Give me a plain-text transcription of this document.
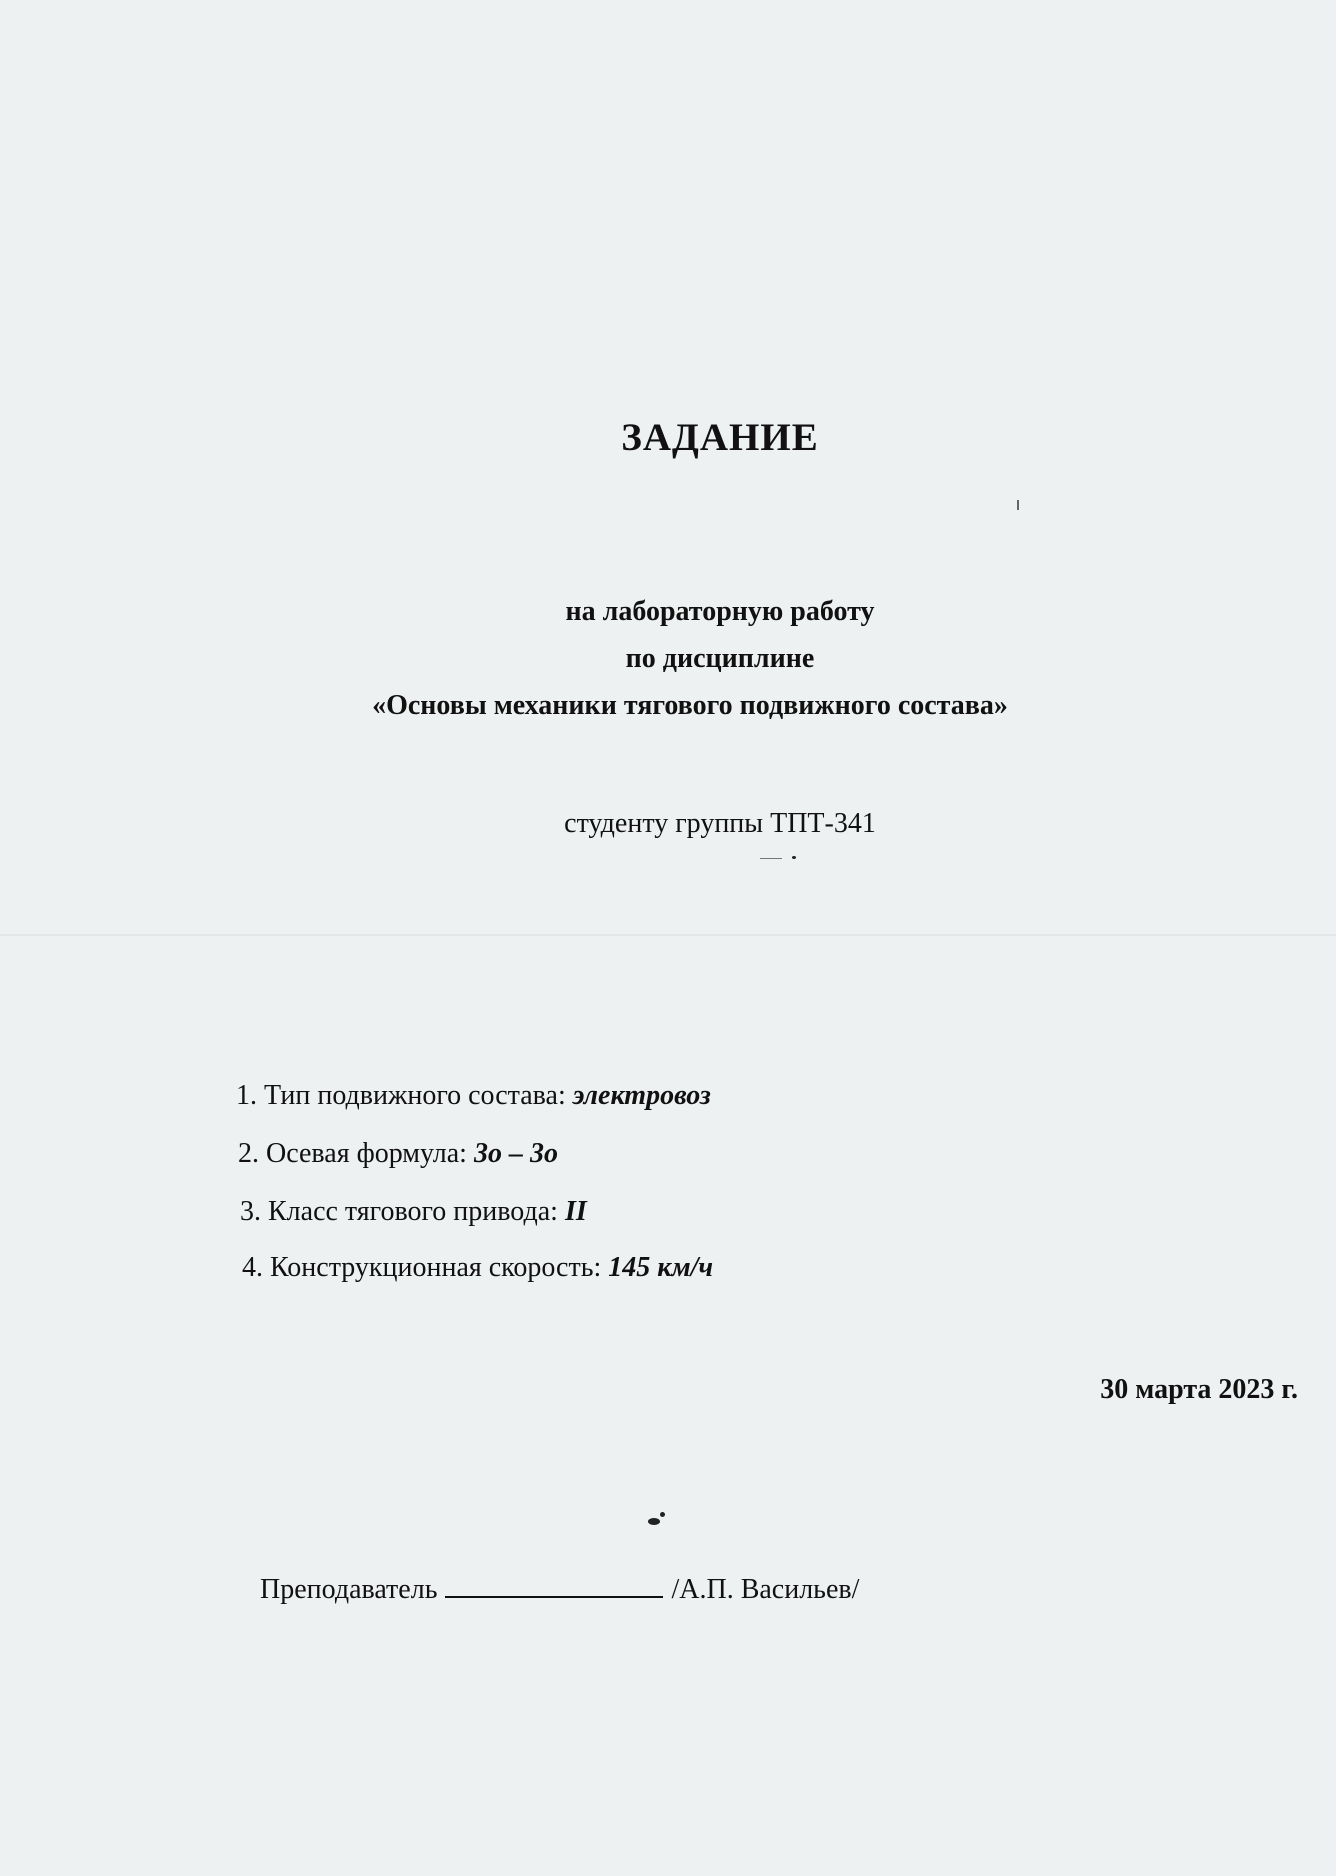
ЗАДАНИЕ
на лабораторную работу
по дисциплине
«Основы механики тягового подвижного состава»
студенту группы ТПТ-341
1. Тип подвижного состава: электровоз
2. Осевая формула: 3о – 3о
3. Класс тягового привода: II
4. Конструкционная скорость: 145 км/ч
30 марта 2023 г.
Преподаватель	/А.П. Васильев/
